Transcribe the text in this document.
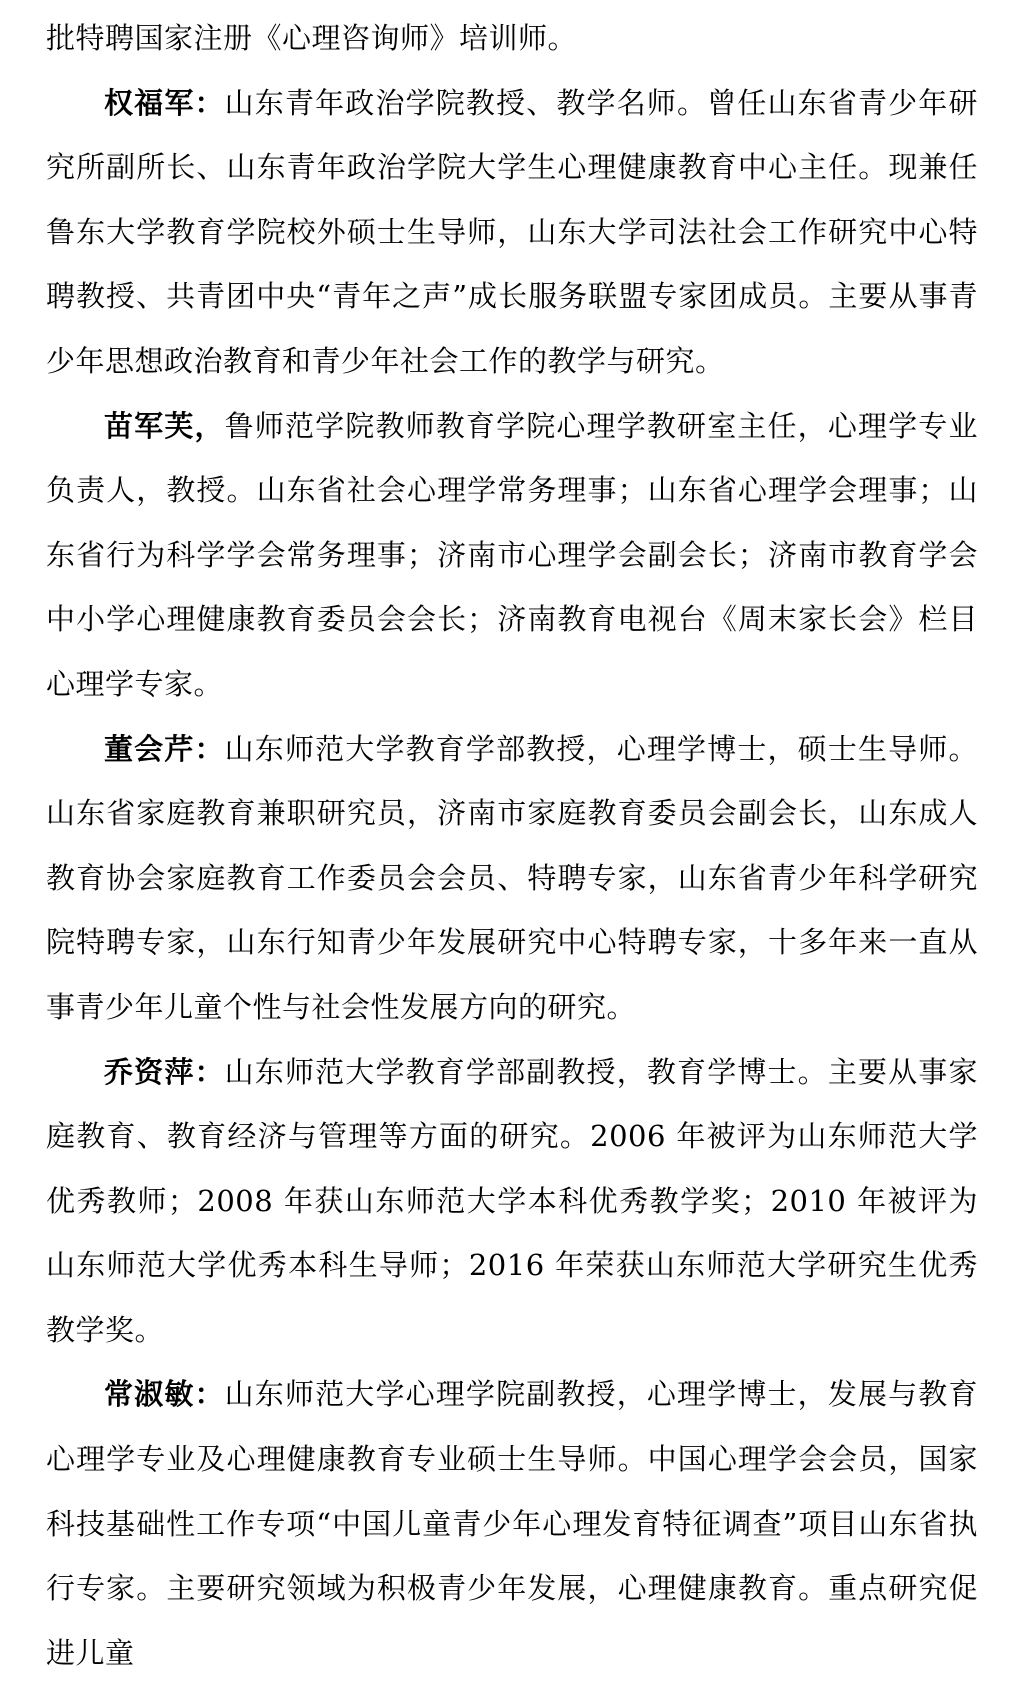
批特聘国家注册《心理咨询师》培训师。

权福军：山东青年政治学院教授、教学名师。曾任山东省青少年研究所副所长、山东青年政治学院大学生心理健康教育中心主任。现兼任鲁东大学教育学院校外硕士生导师，山东大学司法社会工作研究中心特聘教授、共青团中央“青年之声”成长服务联盟专家团成员。主要从事青少年思想政治教育和青少年社会工作的教学与研究。

苗军芙，鲁师范学院教师教育学院心理学教研室主任，心理学专业负责人，教授。山东省社会心理学常务理事；山东省心理学会理事；山东省行为科学学会常务理事；济南市心理学会副会长；济南市教育学会中小学心理健康教育委员会会长；济南教育电视台《周末家长会》栏目心理学专家。

董会芹：山东师范大学教育学部教授，心理学博士，硕士生导师。山东省家庭教育兼职研究员，济南市家庭教育委员会副会长，山东成人教育协会家庭教育工作委员会会员、特聘专家，山东省青少年科学研究院特聘专家，山东行知青少年发展研究中心特聘专家，十多年来一直从事青少年儿童个性与社会性发展方向的研究。

乔资萍：山东师范大学教育学部副教授，教育学博士。主要从事家庭教育、教育经济与管理等方面的研究。2006 年被评为山东师范大学优秀教师；2008 年获山东师范大学本科优秀教学奖；2010 年被评为山东师范大学优秀本科生导师；2016 年荣获山东师范大学研究生优秀教学奖。

常淑敏：山东师范大学心理学院副教授，心理学博士，发展与教育心理学专业及心理健康教育专业硕士生导师。中国心理学会会员，国家科技基础性工作专项“中国儿童青少年心理发育特征调查”项目山东省执行专家。主要研究领域为积极青少年发展，心理健康教育。重点研究促进儿童
